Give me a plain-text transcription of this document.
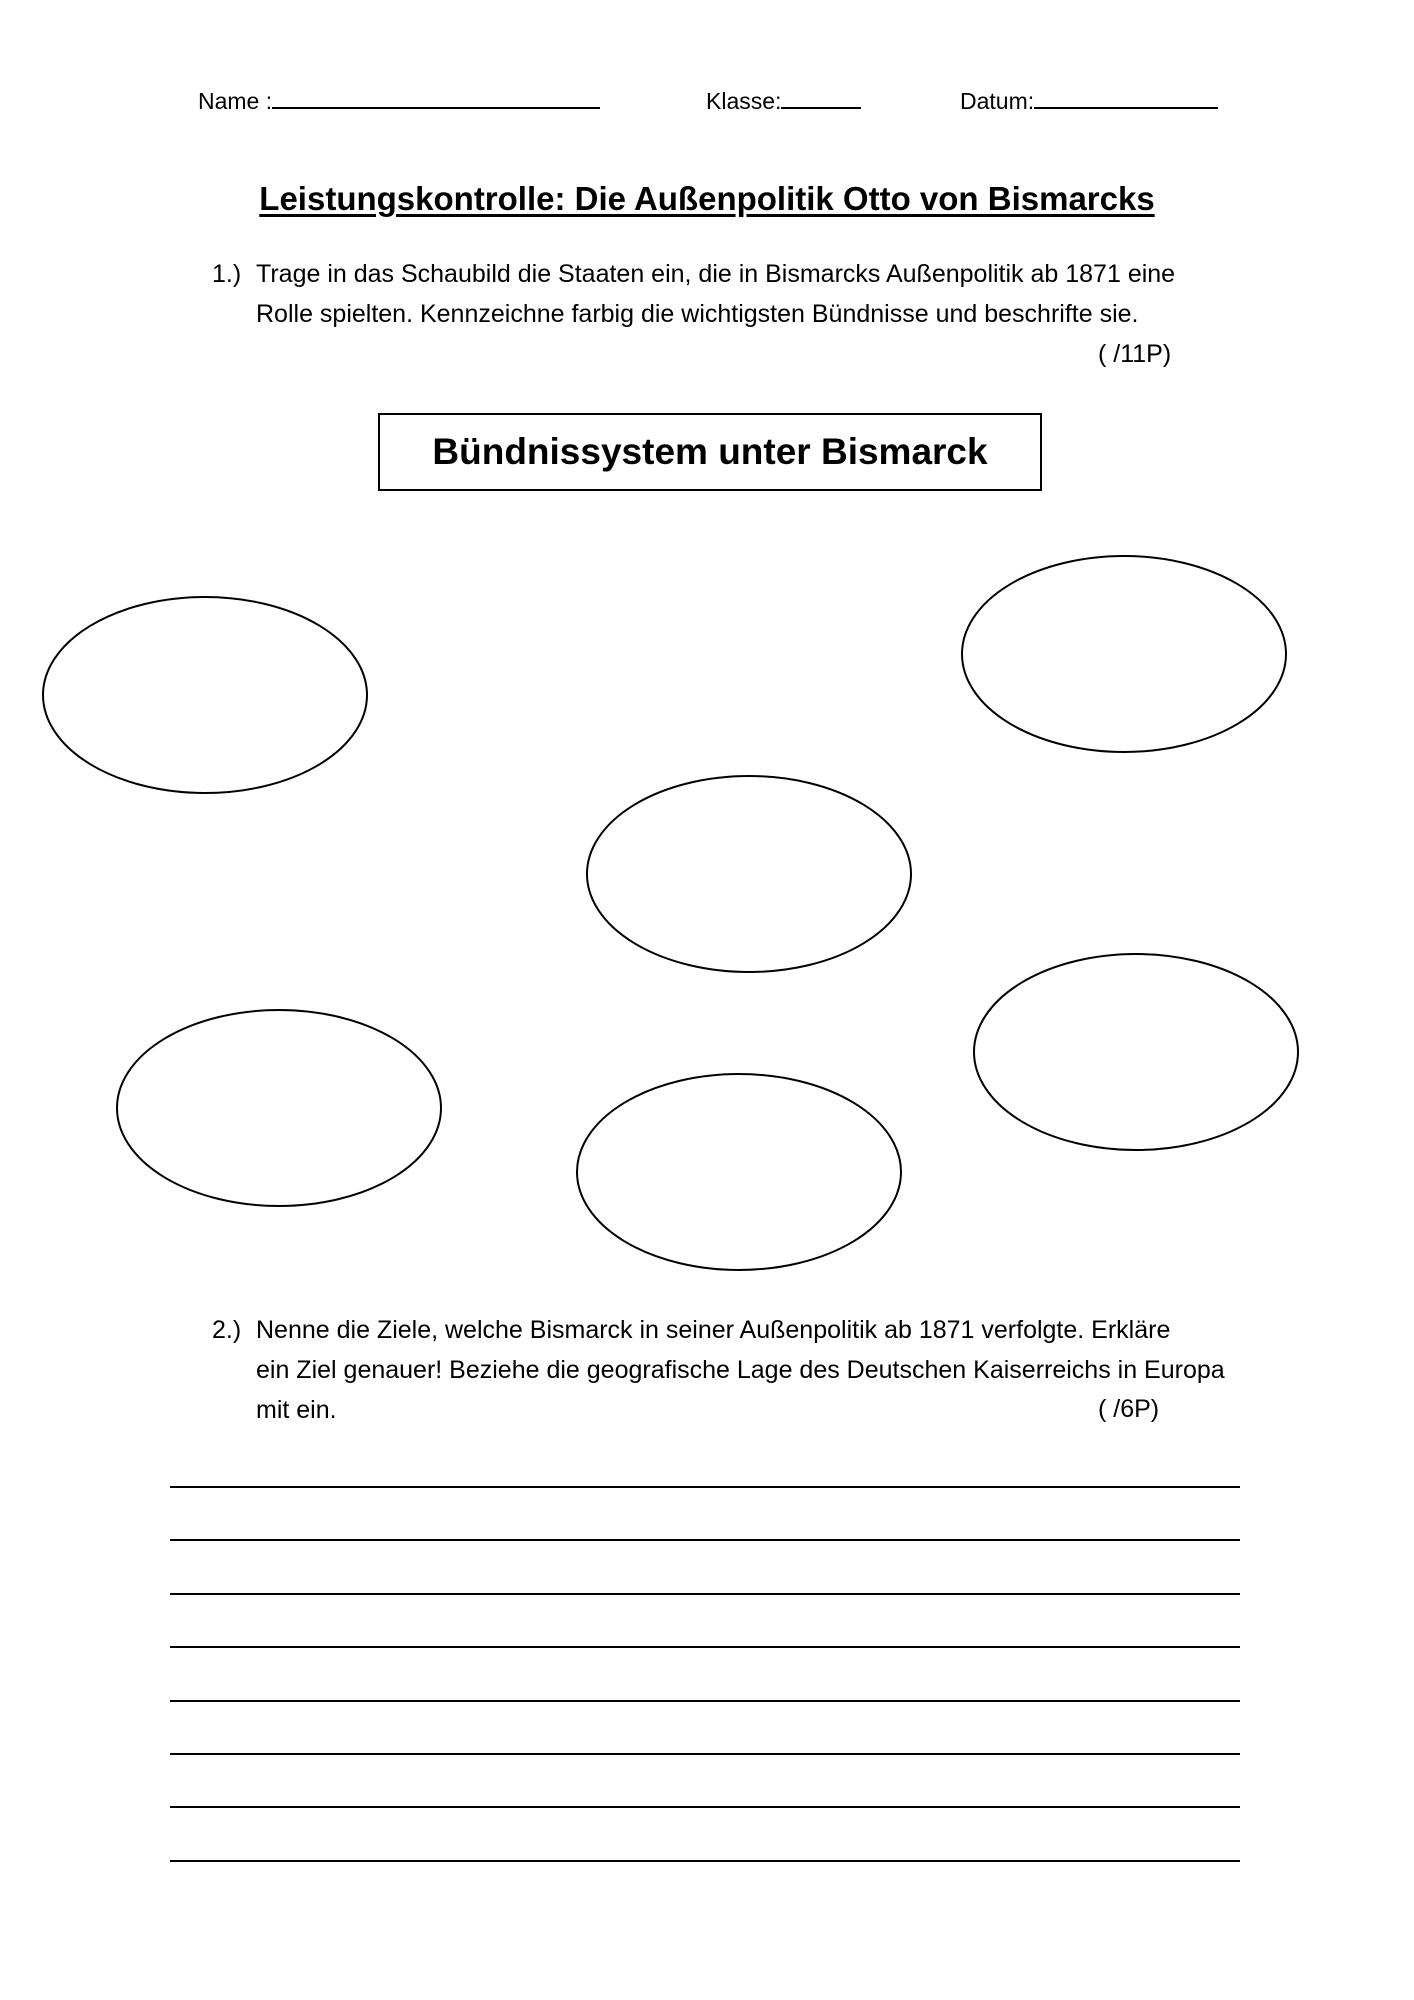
Name :	Klasse:	Datum:
Leistungskontrolle: Die Außenpolitik Otto von Bismarcks
1.) Trage in das Schaubild die Staaten ein, die in Bismarcks Außenpolitik ab 1871 eine
Rolle spielten. Kennzeichne farbig die wichtigsten Bündnisse und beschrifte sie.
( /11P)
Bündnissystem unter Bismarck
2.) Nenne die Ziele, welche Bismarck in seiner Außenpolitik ab 1871 verfolgte. Erkläre
ein Ziel genauer! Beziehe die geografische Lage des Deutschen Kaiserreichs in Europa
mit ein.	( /6P)
